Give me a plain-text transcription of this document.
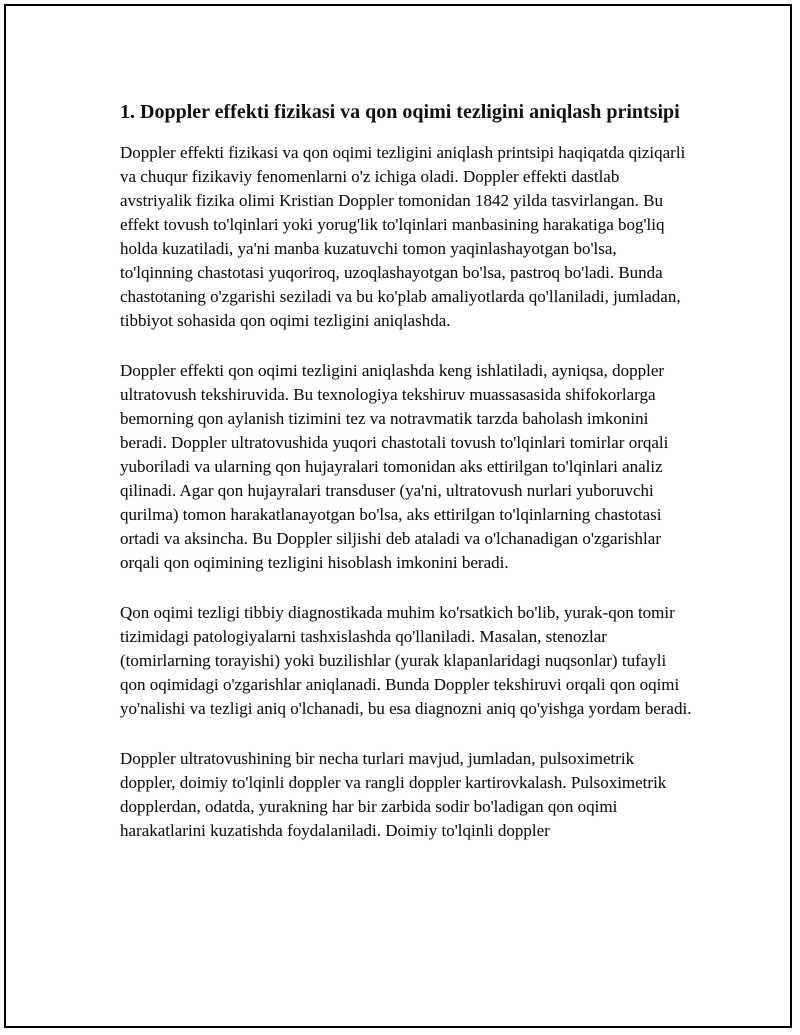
1. Doppler effekti fizikasi va qon oqimi tezligini aniqlash printsipi

Doppler effekti fizikasi va qon oqimi tezligini aniqlash printsipi haqiqatda qiziqarli va chuqur fizikaviy fenomenlarni o'z ichiga oladi. Doppler effekti dastlab avstriyalik fizika olimi Kristian Doppler tomonidan 1842 yilda tasvirlangan. Bu effekt tovush to'lqinlari yoki yorug'lik to'lqinlari manbasining harakatiga bog'liq holda kuzatiladi, ya'ni manba kuzatuvchi tomon yaqinlashayotgan bo'lsa, to'lqinning chastotasi yuqoriroq, uzoqlashayotgan bo'lsa, pastroq bo'ladi. Bunda chastotaning o'zgarishi seziladi va bu ko'plab amaliyotlarda qo'llaniladi, jumladan, tibbiyot sohasida qon oqimi tezligini aniqlashda.

Doppler effekti qon oqimi tezligini aniqlashda keng ishlatiladi, ayniqsa, doppler ultratovush tekshiruvida. Bu texnologiya tekshiruv muassasasida shifokorlarga bemorning qon aylanish tizimini tez va notravmatik tarzda baholash imkonini beradi. Doppler ultratovushida yuqori chastotali tovush to'lqinlari tomirlar orqali yuboriladi va ularning qon hujayralari tomonidan aks ettirilgan to'lqinlari analiz qilinadi. Agar qon hujayralari transduser (ya'ni, ultratovush nurlari yuboruvchi qurilma) tomon harakatlanayotgan bo'lsa, aks ettirilgan to'lqinlarning chastotasi ortadi va aksincha. Bu Doppler siljishi deb ataladi va o'lchanadigan o'zgarishlar orqali qon oqimining tezligini hisoblash imkonini beradi.

Qon oqimi tezligi tibbiy diagnostikada muhim ko'rsatkich bo'lib, yurak-qon tomir tizimidagi patologiyalarni tashxislashda qo'llaniladi. Masalan, stenozlar (tomirlarning torayishi) yoki buzilishlar (yurak klapanlaridagi nuqsonlar) tufayli qon oqimidagi o'zgarishlar aniqlanadi. Bunda Doppler tekshiruvi orqali qon oqimi yo'nalishi va tezligi aniq o'lchanadi, bu esa diagnozni aniq qo'yishga yordam beradi.

Doppler ultratovushining bir necha turlari mavjud, jumladan, pulsoximetrik doppler, doimiy to'lqinli doppler va rangli doppler kartirovkalash. Pulsoximetrik dopplerdan, odatda, yurakning har bir zarbida sodir bo'ladigan qon oqimi harakatlarini kuzatishda foydalaniladi. Doimiy to'lqinli doppler
